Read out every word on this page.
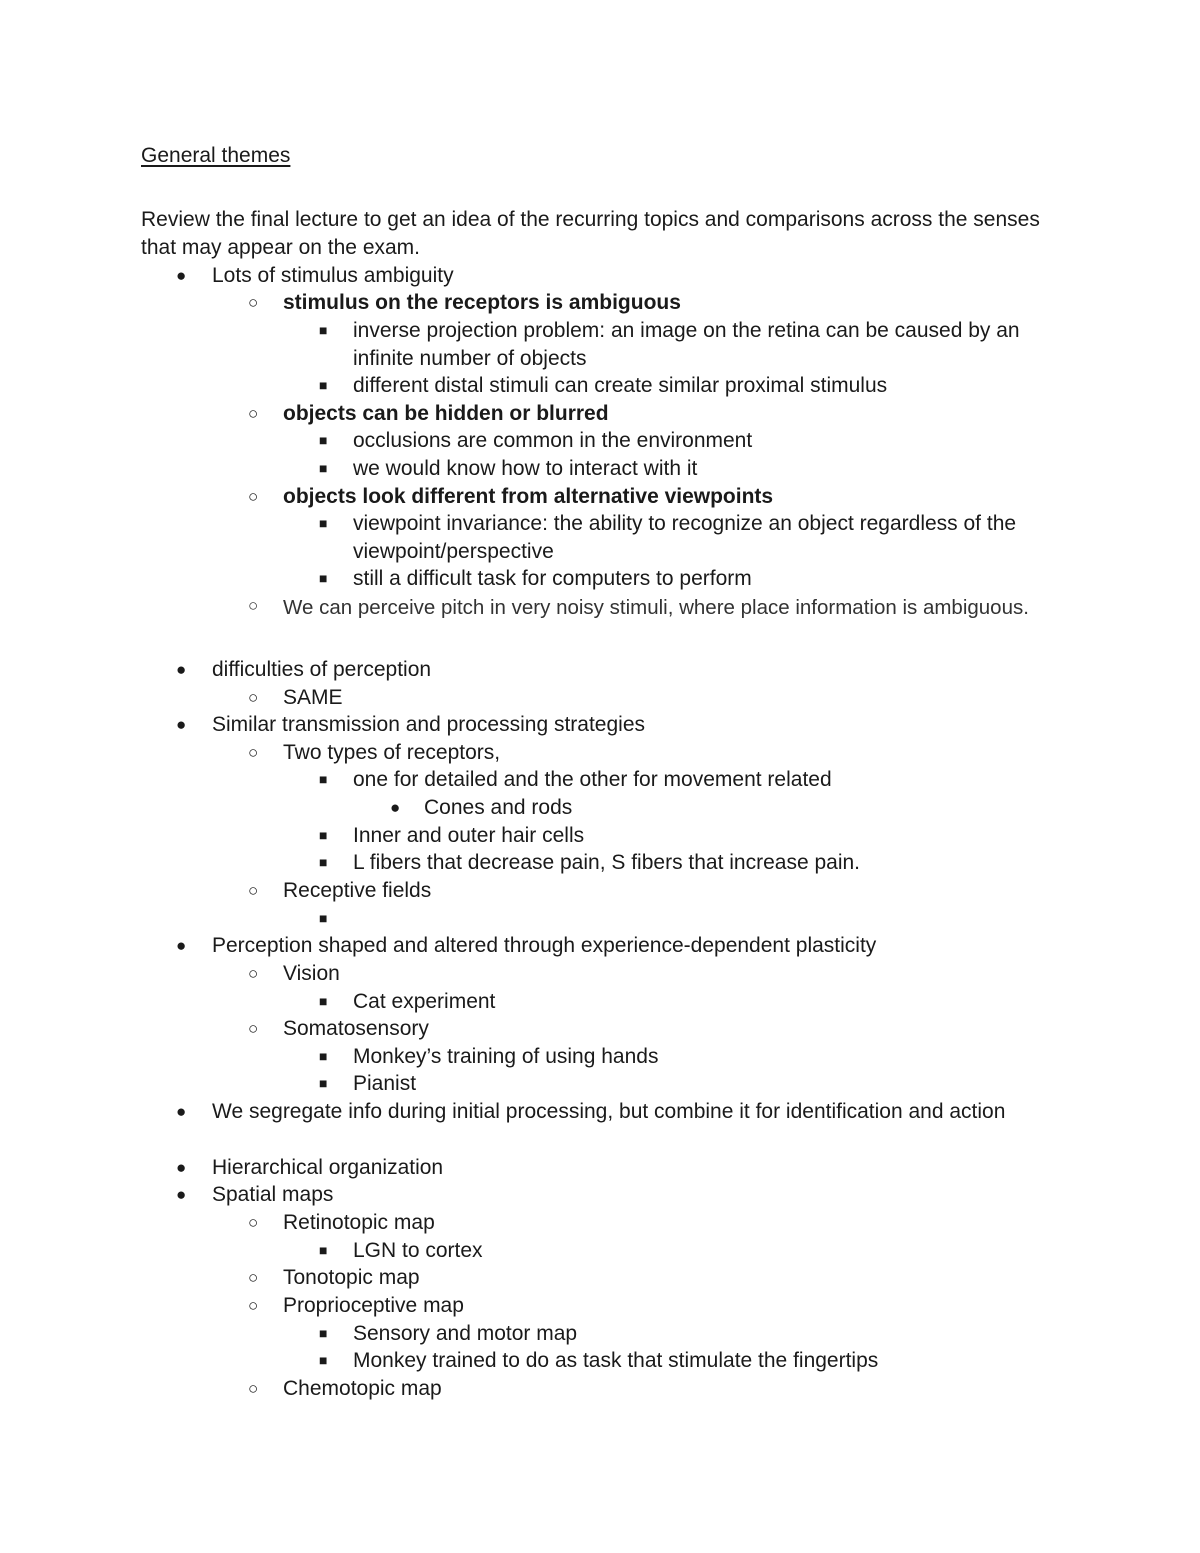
General themes
Review the final lecture to get an idea of the recurring topics and comparisons across the senses that may appear on the exam.
● Lots of stimulus ambiguity
○ stimulus on the receptors is ambiguous
■ inverse projection problem: an image on the retina can be caused by an infinite number of objects
■ different distal stimuli can create similar proximal stimulus
○ objects can be hidden or blurred
■ occlusions are common in the environment
■ we would know how to interact with it
○ objects look different from alternative viewpoints
■ viewpoint invariance: the ability to recognize an object regardless of the viewpoint/perspective
■ still a difficult task for computers to perform
○ We can perceive pitch in very noisy stimuli, where place information is ambiguous.
● difficulties of perception
○ SAME
● Similar transmission and processing strategies
○ Two types of receptors,
■ one for detailed and the other for movement related
● Cones and rods
■ Inner and outer hair cells
■ L fibers that decrease pain, S fibers that increase pain.
○ Receptive fields
■
● Perception shaped and altered through experience-dependent plasticity
○ Vision
■ Cat experiment
○ Somatosensory
■ Monkey’s training of using hands
■ Pianist
● We segregate info during initial processing, but combine it for identification and action
● Hierarchical organization
● Spatial maps
○ Retinotopic map
■ LGN to cortex
○ Tonotopic map
○ Proprioceptive map
■ Sensory and motor map
■ Monkey trained to do as task that stimulate the fingertips
○ Chemotopic map
